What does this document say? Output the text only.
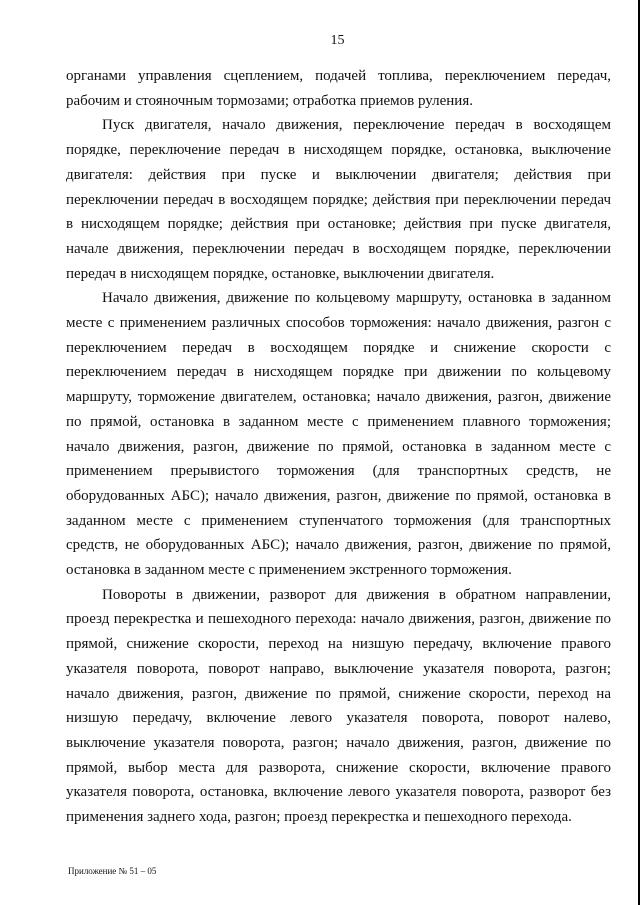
15

органами управления сцеплением, подачей топлива, переключением передач, рабочим и стояночным тормозами; отработка приемов руления.

Пуск двигателя, начало движения, переключение передач в восходящем порядке, переключение передач в нисходящем порядке, остановка, выключение двигателя: действия при пуске и выключении двигателя; действия при переключении передач в восходящем порядке; действия при переключении передач в нисходящем порядке; действия при остановке; действия при пуске двигателя, начале движения, переключении передач в восходящем порядке, переключении передач в нисходящем порядке, остановке, выключении двигателя.

Начало движения, движение по кольцевому маршруту, остановка в заданном месте с применением различных способов торможения: начало движения, разгон с переключением передач в восходящем порядке и снижение скорости с переключением передач в нисходящем порядке при движении по кольцевому маршруту, торможение двигателем, остановка; начало движения, разгон, движение по прямой, остановка в заданном месте с применением плавного торможения; начало движения, разгон, движение по прямой, остановка в заданном месте с применением прерывистого торможения (для транспортных средств, не оборудованных АБС); начало движения, разгон, движение по прямой, остановка в заданном месте с применением ступенчатого торможения (для транспортных средств, не оборудованных АБС); начало движения, разгон, движение по прямой, остановка в заданном месте с применением экстренного торможения.

Повороты в движении, разворот для движения в обратном направлении, проезд перекрестка и пешеходного перехода: начало движения, разгон, движение по прямой, снижение скорости, переход на низшую передачу, включение правого указателя поворота, поворот направо, выключение указателя поворота, разгон; начало движения, разгон, движение по прямой, снижение скорости, переход на низшую передачу, включение левого указателя поворота, поворот налево, выключение указателя поворота, разгон; начало движения, разгон, движение по прямой, выбор места для разворота, снижение скорости, включение правого указателя поворота, остановка, включение левого указателя поворота, разворот без применения заднего хода, разгон; проезд перекрестка и пешеходного перехода.

Приложение № 51 – 05
